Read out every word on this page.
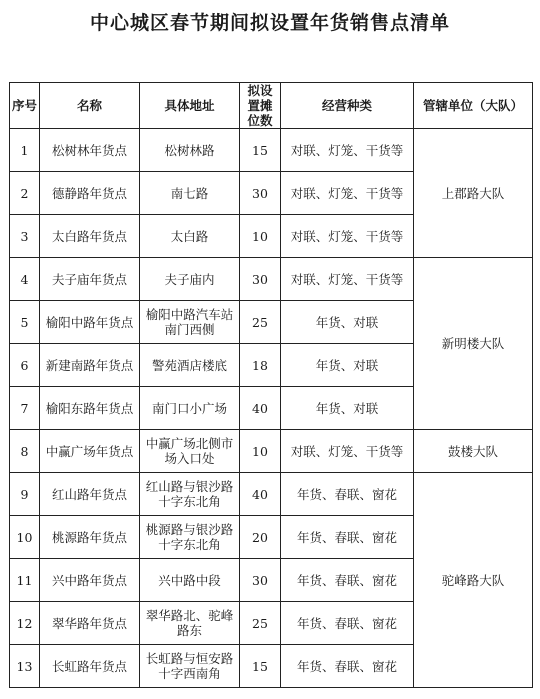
中心城区春节期间拟设置年货销售点清单
序号	名称	具体地址	拟设置摊位数	经营种类	管辖单位（大队）
1	松树林年货点	松树林路	15	对联、灯笼、干货等	上郡路大队
2	德静路年货点	南七路	30	对联、灯笼、干货等	
3	太白路年货点	太白路	10	对联、灯笼、干货等	
4	夫子庙年货点	夫子庙内	30	对联、灯笼、干货等	新明楼大队
5	榆阳中路年货点	榆阳中路汽车站南门西侧	25	年货、对联	
6	新建南路年货点	警苑酒店楼底	18	年货、对联	
7	榆阳东路年货点	南门口小广场	40	年货、对联	
8	中赢广场年货点	中赢广场北侧市场入口处	10	对联、灯笼、干货等	鼓楼大队
9	红山路年货点	红山路与银沙路十字东北角	40	年货、春联、窗花	驼峰路大队
10	桃源路年货点	桃源路与银沙路十字东北角	20	年货、春联、窗花	
11	兴中路年货点	兴中路中段	30	年货、春联、窗花	
12	翠华路年货点	翠华路北、驼峰路东	25	年货、春联、窗花	
13	长虹路年货点	长虹路与恒安路十字西南角	15	年货、春联、窗花	
